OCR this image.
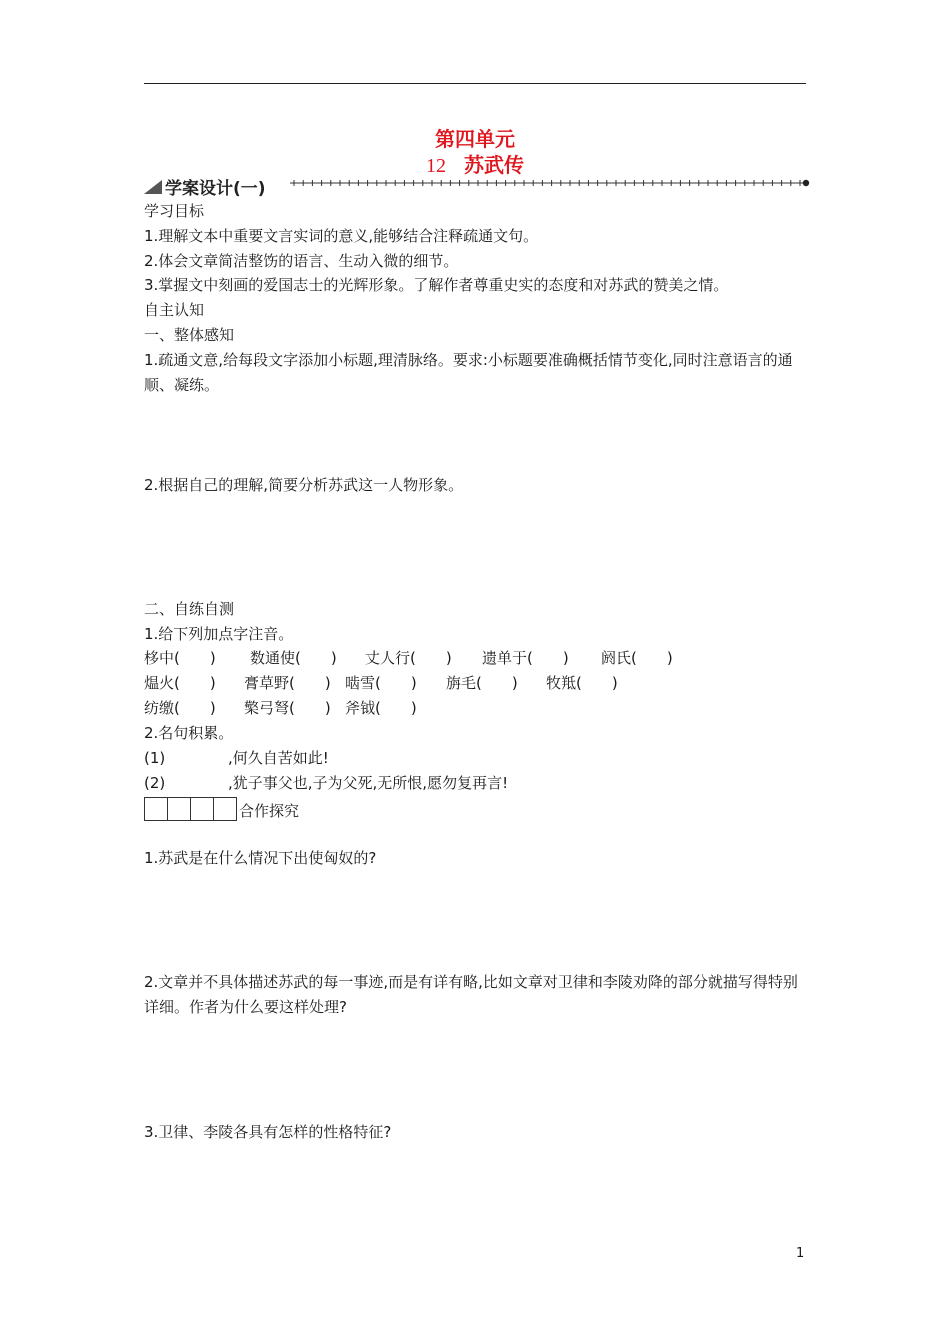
第四单元
12 苏武传
学案设计(一)
学习目标
1.理解文本中重要文言实词的意义,能够结合注释疏通文句。
2.体会文章简洁整饬的语言、生动入微的细节。
3.掌握文中刻画的爱国志士的光辉形象。了解作者尊重史实的态度和对苏武的赞美之情。
自主认知
一、整体感知
1.疏通文意,给每段文字添加小标题,理清脉络。要求:小标题要准确概括情节变化,同时注意语言的通顺、凝练。
2.根据自己的理解,简要分析苏武这一人物形象。
二、自练自测
1.给下列加点字注音。
栘中(　　) 数通使(　　) 丈人行(　　) 遗单于(　　) 阏氏(　　)
煴火(　　) 膏草野(　　) 啮雪(　　) 旃毛(　　) 牧羝(　　)
纺缴(　　) 檠弓弩(　　) 斧钺(　　)
2.名句积累。
(1)	,何久自苦如此!
(2)	,犹子事父也,子为父死,无所恨,愿勿复再言!
合作探究
1.苏武是在什么情况下出使匈奴的?
2.文章并不具体描述苏武的每一事迹,而是有详有略,比如文章对卫律和李陵劝降的部分就描写得特别详细。作者为什么要这样处理?
3.卫律、李陵各具有怎样的性格特征?
1
